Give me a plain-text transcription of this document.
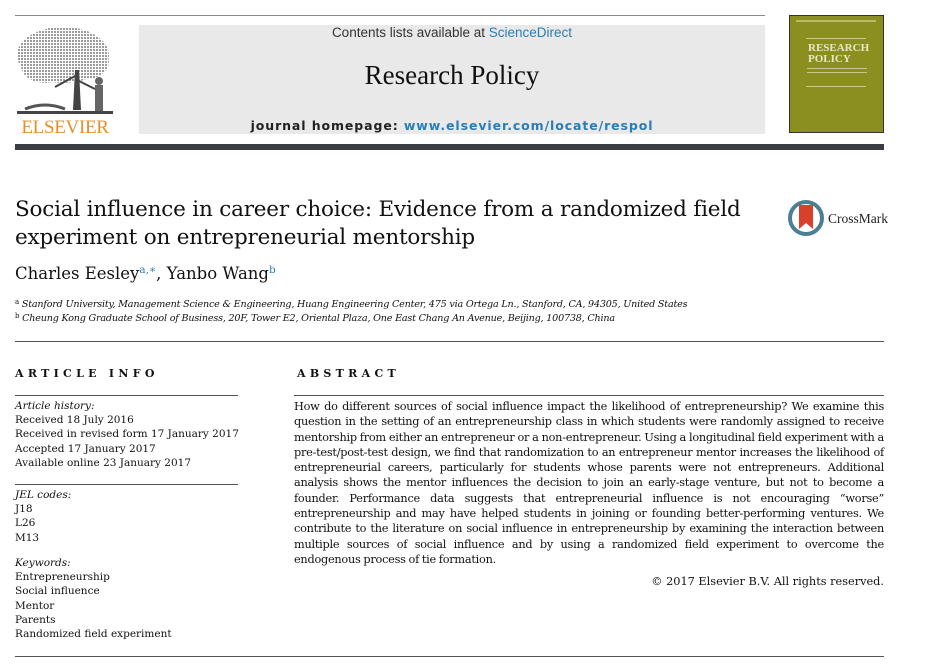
ELSEVIER
Contents lists available at ScienceDirect
Research Policy
journal homepage: www.elsevier.com/locate/respol
RESEARCH
POLICY
Social influence in career choice: Evidence from a randomized field experiment on entrepreneurial mentorship
CrossMark
Charles Eesley$^{a,∗}$, Yanbo Wang$^b$
$^a$ Stanford University, Management Science & Engineering, Huang Engineering Center, 475 via Ortega Ln., Stanford, CA, 94305, United States
$^b$ Cheung Kong Graduate School of Business, 20F, Tower E2, Oriental Plaza, One East Chang An Avenue, Beijing, 100738, China
ARTICLE INFO	ABSTRACT
Article history:
Received 18 July 2016
Received in revised form 17 January 2017
Accepted 17 January 2017
Available online 23 January 2017
JEL codes:
J18
L26
M13
Keywords:
Entrepreneurship
Social influence
Mentor
Parents
Randomized field experiment
How do different sources of social influence impact the likelihood of entrepreneurship? We examine this question in the setting of an entrepreneurship class in which students were randomly assigned to receive mentorship from either an entrepreneur or a non-entrepreneur. Using a longitudinal field experiment with a pre-test/post-test design, we find that randomization to an entrepreneur mentor increases the likelihood of entrepreneurial careers, particularly for students whose parents were not entrepreneurs. Additional analysis shows the mentor influences the decision to join an early-stage venture, but not to become a founder. Performance data suggests that entrepreneurial influence is not encouraging “worse” entrepreneurship and may have helped students in joining or founding better-performing ventures. We contribute to the literature on social influence in entrepreneurship by examining the interaction between multiple sources of social influence and by using a randomized field experiment to overcome the endogenous process of tie formation.
© 2017 Elsevier B.V. All rights reserved.
